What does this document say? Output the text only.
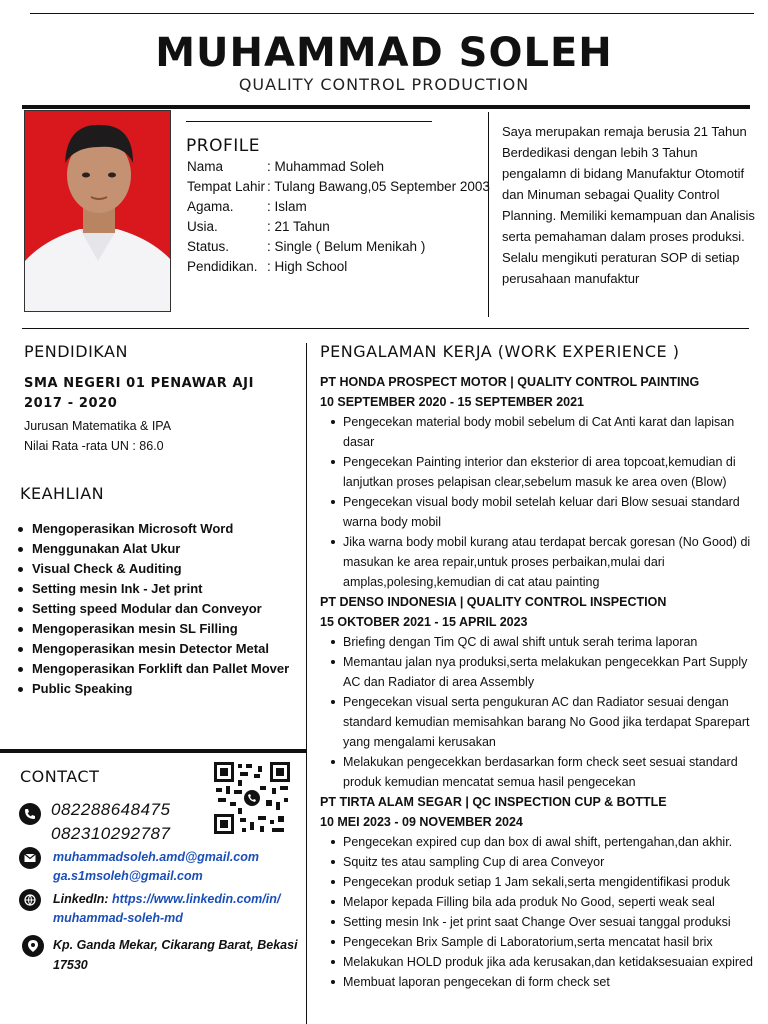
MUHAMMAD SOLEH
QUALITY CONTROL PRODUCTION
PROFILE
Nama	: Muhammad Soleh
Tempat Lahir : Tulang Bawang,05 September 2003
Agama. : Islam
Usia.	: 21 Tahun
Status.	: Single ( Belum Menikah )
Pendidikan. : High School
Saya merupakan remaja berusia 21 Tahun Berdedikasi dengan lebih 3 Tahun pengalamn di bidang Manufaktur Otomotif dan Minuman sebagai Quality Control Planning. Memiliki kemampuan dan Analisis serta pemahaman dalam proses produksi. Selalu mengikuti peraturan SOP di setiap perusahaan manufaktur
PENDIDIKAN
SMA NEGERI 01 PENAWAR AJI
2017 - 2020
Jurusan Matematika & IPA
Nilai Rata -rata UN : 86.0
KEAHLIAN
Mengoperasikan Microsoft Word
Menggunakan Alat Ukur
Visual Check & Auditing
Setting mesin Ink - Jet print
Setting speed Modular dan Conveyor
Mengoperasikan mesin SL Filling
Mengoperasikan mesin Detector Metal
Mengoperasikan Forklift dan Pallet Mover
Public Speaking
CONTACT
082288648475
082310292787
muhammadsoleh.amd@gmail.com
ga.s1msoleh@gmail.com
LinkedIn: https://www.linkedin.com/in/
muhammad-soleh-md
Kp. Ganda Mekar, Cikarang Barat, Bekasi
17530
PENGALAMAN KERJA (WORK EXPERIENCE )
PT HONDA PROSPECT MOTOR | QUALITY CONTROL PAINTING
10 SEPTEMBER 2020 - 15 SEPTEMBER 2021
Pengecekan material body mobil sebelum di Cat Anti karat dan lapisan dasar
Pengecekan Painting interior dan eksterior di area topcoat,kemudian di lanjutkan proses pelapisan clear,sebelum masuk ke area oven (Blow)
Pengecekan visual body mobil setelah keluar dari Blow sesuai standard warna body mobil
Jika warna body mobil kurang atau terdapat bercak goresan (No Good) di masukan ke area repair,untuk proses perbaikan,mulai dari amplas,polesing,kemudian di cat atau painting
PT DENSO INDONESIA | QUALITY CONTROL INSPECTION
15 OKTOBER 2021 - 15 APRIL 2023
Briefing dengan Tim QC di awal shift untuk serah terima laporan
Memantau jalan nya produksi,serta melakukan pengecekkan Part Supply AC dan Radiator di area Assembly
Pengecekan visual serta pengukuran AC dan Radiator sesuai dengan standard kemudian memisahkan barang No Good jika terdapat Sparepart yang mengalami kerusakan
Melakukan pengecekkan berdasarkan form check seet sesuai standard produk kemudian mencatat semua hasil pengecekan
PT TIRTA ALAM SEGAR | QC INSPECTION CUP & BOTTLE
10 MEI 2023 - 09 NOVEMBER 2024
Pengecekan expired cup dan box di awal shift, pertengahan,dan akhir.
Squitz tes atau sampling Cup di area Conveyor
Pengecekan produk setiap 1 Jam sekali,serta mengidentifikasi produk
Melapor kepada Filling bila ada produk No Good, seperti weak seal
Setting mesin Ink - jet print saat Change Over sesuai tanggal produksi
Pengecekan Brix Sample di Laboratorium,serta mencatat hasil brix
Melakukan HOLD produk jika ada kerusakan,dan ketidaksesuaian expired
Membuat laporan pengecekan di form check set
